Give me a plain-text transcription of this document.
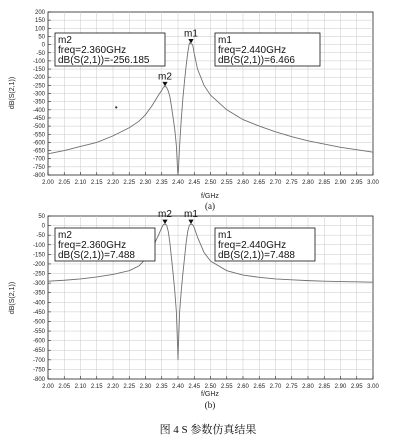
200
150
100
50
0
-50
-100
-150
-200
-250
-300
-350
-400
-450
-500
-550
-600
-650
-700
-750
-800
2.00 2.05 2.10 2.15 2.20 2.25 2.30 2.35 2.40 2.45 2.50 2.55 2.60 2.65 2.70 2.75 2.80 2.85 2.90 2.95 3.00
dB(S(2,1))
f/GHz
(a)
m2
m1
m2
freq=2.360GHz
dB(S(2,1))=-256.185
m1
freq=2.440GHz
dB(S(2,1))=6.466
50
0
-50
-100
-150
-200
-250
-300
-350
-400
-450
-500
-550
-600
-650
-700
-750
-800
2.00 2.05 2.10 2.15 2.20 2.25 2.30 2.35 2.40 2.45 2.50 2.55 2.60 2.65 2.70 2.75 2.80 2.85 2.90 2.95 3.00
dB(S(2,1))
f/GHz
(b)
m2 m1
m2
freq=2.360GHz
dB(S(2,1))=7.488
m1
freq=2.440GHz
dB(S(2,1))=7.488
图 4 S 参数仿真结果
